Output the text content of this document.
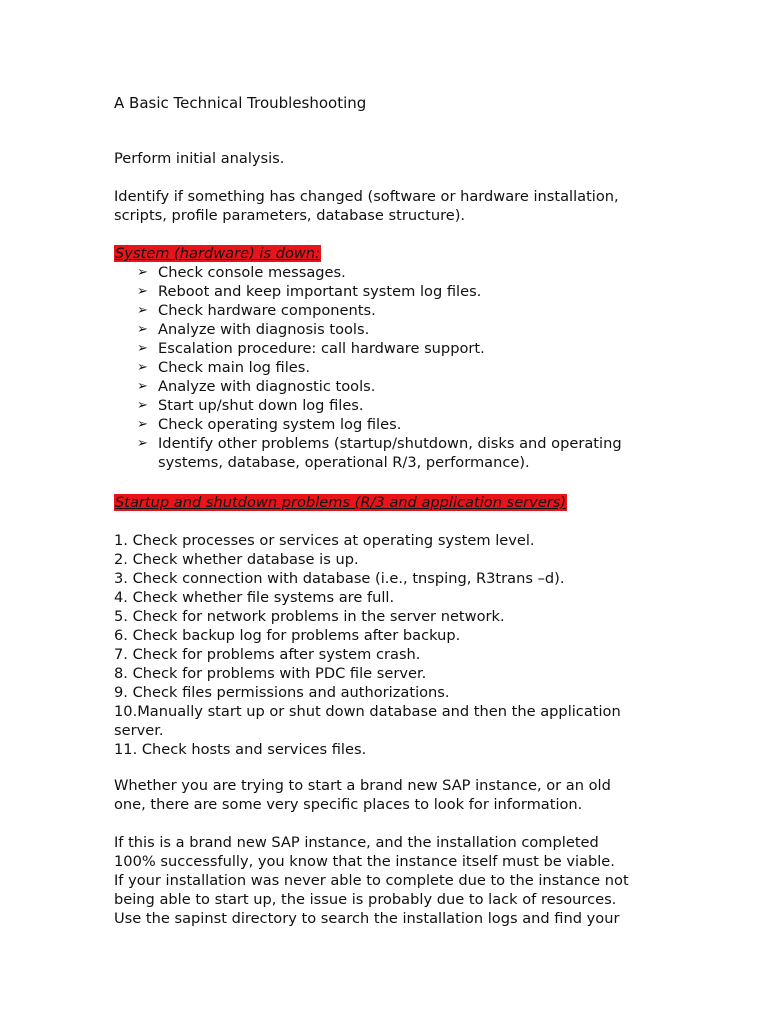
A Basic Technical Troubleshooting

Perform initial analysis.

Identify if something has changed (software or hardware installation,
scripts, profile parameters, database structure).
System (hardware) is down:
➢ Check console messages.
➢ Reboot and keep important system log files.
➢ Check hardware components.
➢ Analyze with diagnosis tools.
➢ Escalation procedure: call hardware support.
➢ Check main log files.
➢ Analyze with diagnostic tools.
➢ Start up/shut down log files.
➢ Check operating system log files.
➢ Identify other problems (startup/shutdown, disks and operating
systems, database, operational R/3, performance).
Startup and shutdown problems (R/3 and application servers)
1. Check processes or services at operating system level.
2. Check whether database is up.
3. Check connection with database (i.e., tnsping, R3trans –d).
4. Check whether file systems are full.
5. Check for network problems in the server network.
6. Check backup log for problems after backup.
7. Check for problems after system crash.
8. Check for problems with PDC file server.
9. Check files permissions and authorizations.
10.Manually start up or shut down database and then the application
server.
11. Check hosts and services files.
Whether you are trying to start a brand new SAP instance, or an old
one, there are some very specific places to look for information.
If this is a brand new SAP instance, and the installation completed
100% successfully, you know that the instance itself must be viable.
If your installation was never able to complete due to the instance not
being able to start up, the issue is probably due to lack of resources.
Use the sapinst directory to search the installation logs and find your
